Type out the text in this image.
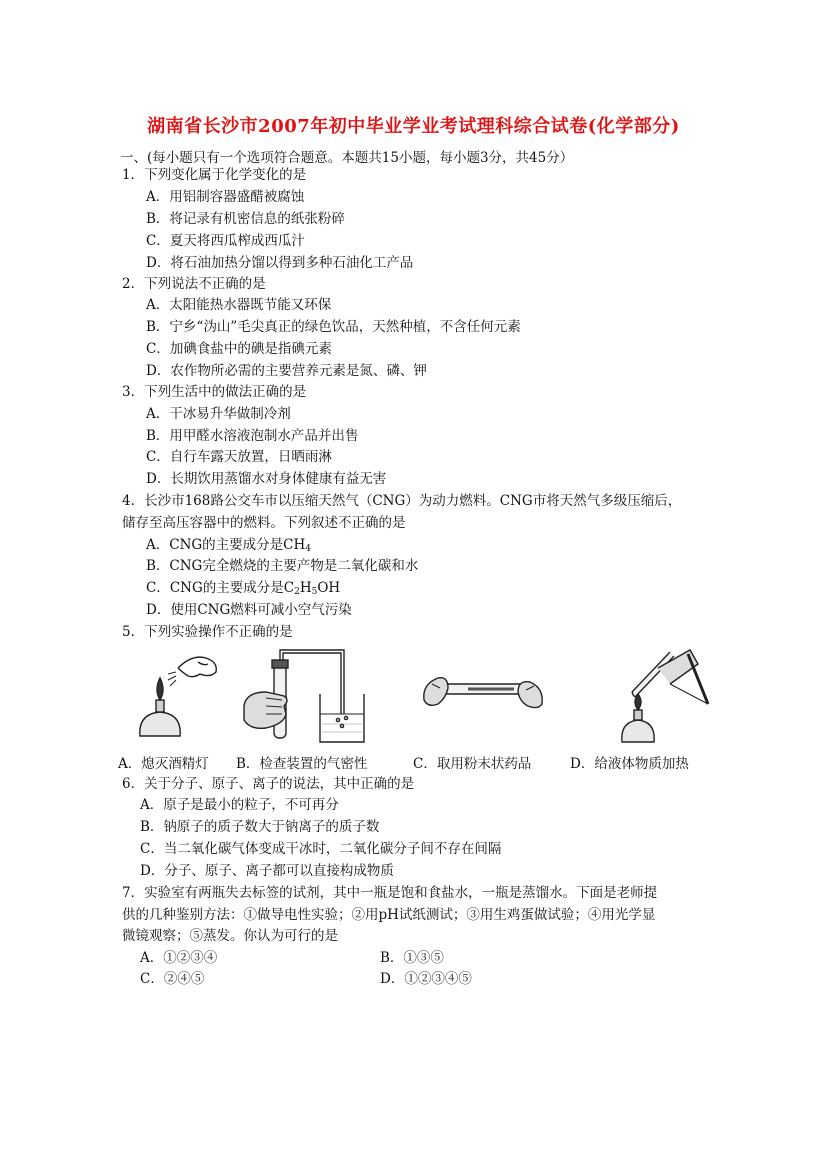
湖南省长沙市2007年初中毕业学业考试理科综合试卷(化学部分)
一、(每小题只有一个选项符合题意。本题共15小题，每小题3分，共45分）
1．下列变化属于化学变化的是
A．用铝制容器盛醋被腐蚀
B．将记录有机密信息的纸张粉碎
C．夏天将西瓜榨成西瓜汁
D．将石油加热分馏以得到多种石油化工产品
2．下列说法不正确的是
A．太阳能热水器既节能又环保
B．宁乡“沩山”毛尖真正的绿色饮品，天然种植，不含任何元素
C．加碘食盐中的碘是指碘元素
D．农作物所必需的主要营养元素是氮、磷、钾
3．下列生活中的做法正确的是
A．干冰易升华做制冷剂
B．用甲醛水溶液泡制水产品并出售
C．自行车露天放置，日晒雨淋
D．长期饮用蒸馏水对身体健康有益无害
4．长沙市168路公交车市以压缩天然气（CNG）为动力燃料。CNG市将天然气多级压缩后，
储存至高压容器中的燃料。下列叙述不正确的是
A．CNG的主要成分是$CH_4$
B．CNG完全燃烧的主要产物是二氧化碳和水
C．CNG的主要成分是$C_2H_5OH$
D．使用CNG燃料可减小空气污染
5．下列实验操作不正确的是
A．熄灭酒精灯 B．检查装置的气密性	C．取用粉末状药品	D．给液体物质加热
6．关于分子、原子、离子的说法，其中正确的是
A．原子是最小的粒子，不可再分
B．钠原子的质子数大于钠离子的质子数
C．当二氧化碳气体变成干冰时，二氧化碳分子间不存在间隔
D．分子、原子、离子都可以直接构成物质
7．实验室有两瓶失去标签的试剂，其中一瓶是饱和食盐水，一瓶是蒸馏水。下面是老师提
供的几种鉴别方法：①做导电性实验；②用pH试纸测试；③用生鸡蛋做试验；④用光学显
微镜观察；⑤蒸发。你认为可行的是
A．①②③④	B．①③⑤
C．②④⑤	D．①②③④⑤
